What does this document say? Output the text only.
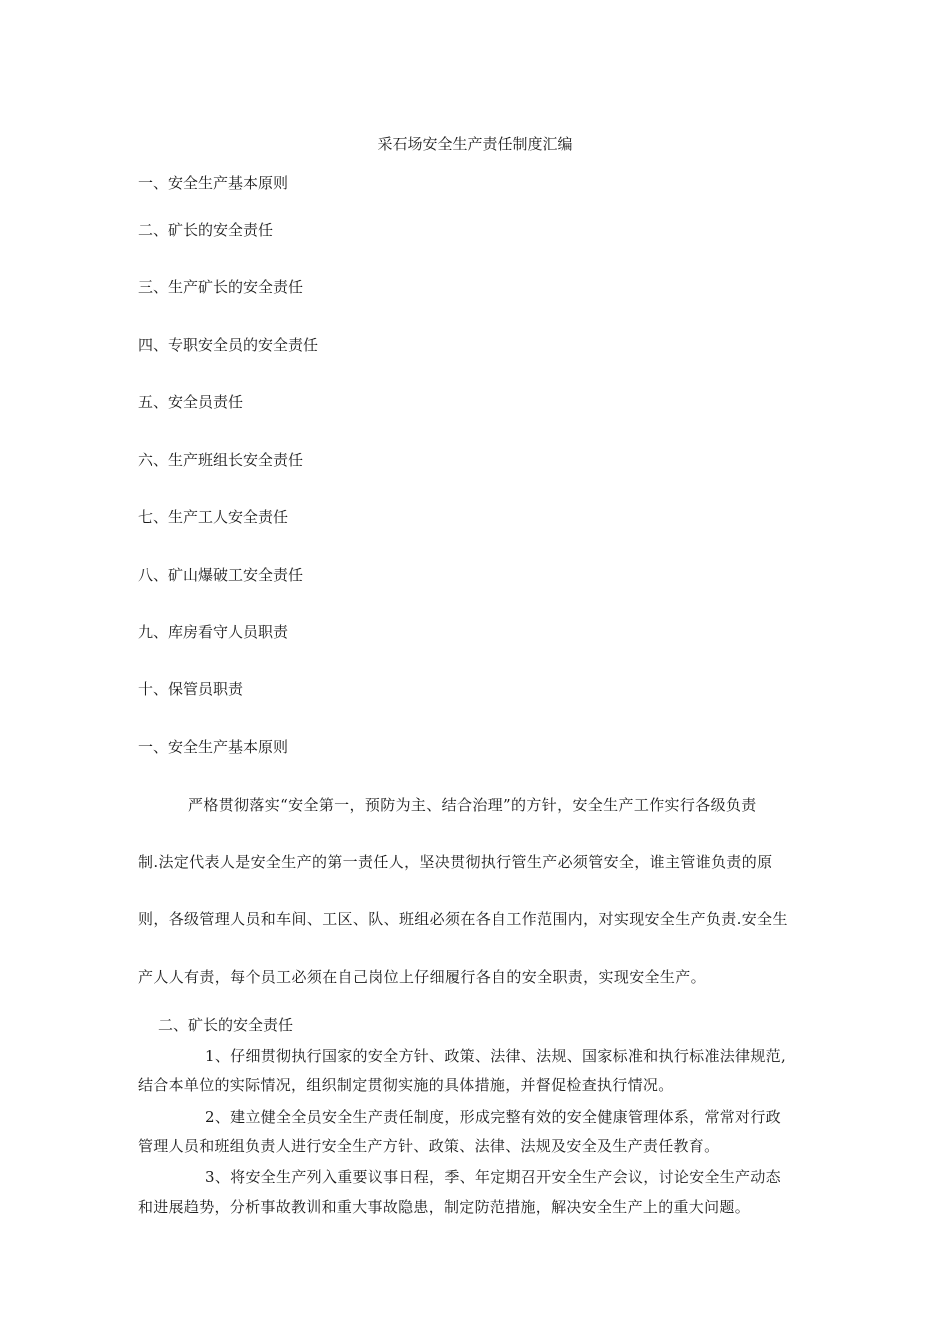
采石场安全生产责任制度汇编
一、安全生产基本原则
二、矿长的安全责任
三、生产矿长的安全责任
四、专职安全员的安全责任
五、安全员责任
六、生产班组长安全责任
七、生产工人安全责任
八、矿山爆破工安全责任
九、库房看守人员职责
十、保管员职责
一、安全生产基本原则
严格贯彻落实“安全第一，预防为主、结合治理”的方针，安全生产工作实行各级负责
制.法定代表人是安全生产的第一责任人，坚决贯彻执行管生产必须管安全，谁主管谁负责的原
则，各级管理人员和车间、工区、队、班组必须在各自工作范围内，对实现安全生产负责.安全生
产人人有责，每个员工必须在自己岗位上仔细履行各自的安全职责，实现安全生产。
二、矿长的安全责任
1、仔细贯彻执行国家的安全方针、政策、法律、法规、国家标准和执行标准法律规范,
结合本单位的实际情况，组织制定贯彻实施的具体措施，并督促检查执行情况。
2、建立健全全员安全生产责任制度，形成完整有效的安全健康管理体系，常常对行政
管理人员和班组负责人进行安全生产方针、政策、法律、法规及安全及生产责任教育。
3、将安全生产列入重要议事日程，季、年定期召开安全生产会议，讨论安全生产动态
和进展趋势，分析事故教训和重大事故隐患，制定防范措施，解决安全生产上的重大问题。
